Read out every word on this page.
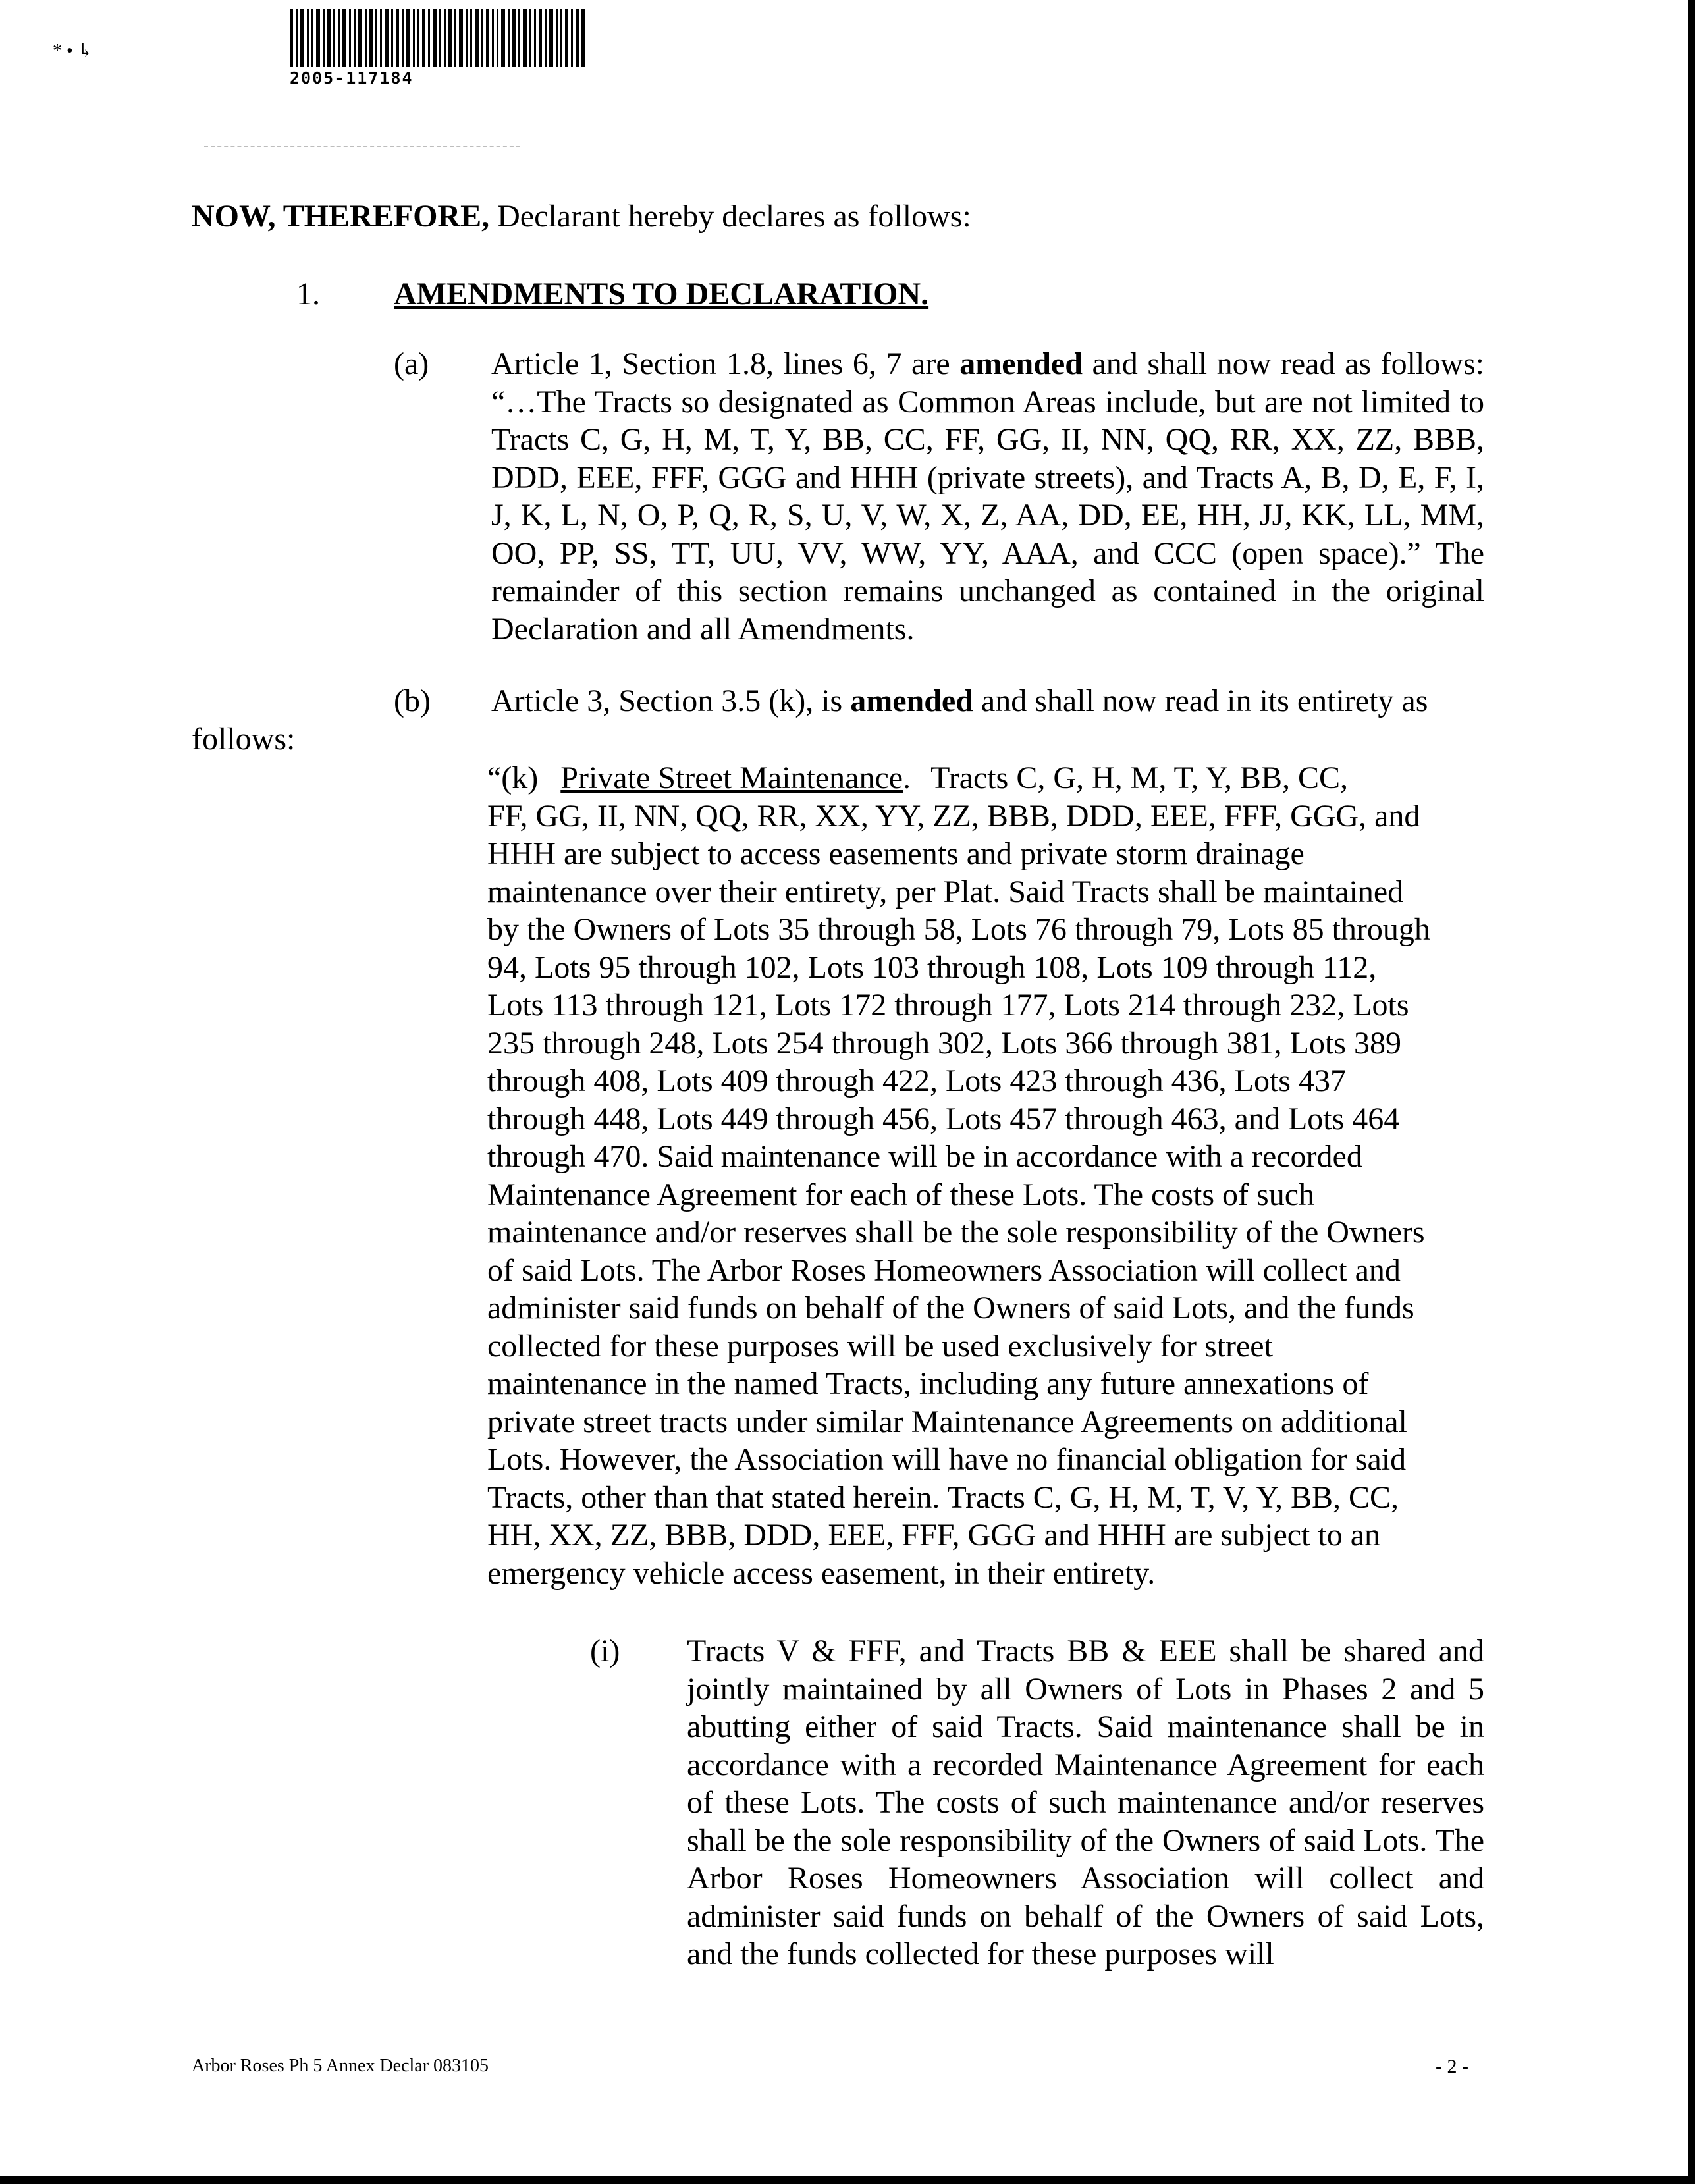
* • ↳
2005-117184
NOW, THEREFORE, Declarant hereby declares as follows:
1. AMENDMENTS TO DECLARATION.
(a) Article 1, Section 1.8, lines 6, 7 are amended and shall now read as follows: “…The Tracts so designated as Common Areas include, but are not limited to Tracts C, G, H, M, T, Y, BB, CC, FF, GG, II, NN, QQ, RR, XX, ZZ, BBB, DDD, EEE, FFF, GGG and HHH (private streets), and Tracts A, B, D, E, F, I, J, K, L, N, O, P, Q, R, S, U, V, W, X, Z, AA, DD, EE, HH, JJ, KK, LL, MM, OO, PP, SS, TT, UU, VV, WW, YY, AAA, and CCC (open space).” The remainder of this section remains unchanged as contained in the original Declaration and all Amendments.
(b) Article 3, Section 3.5 (k), is amended and shall now read in its entirety as
follows:
“(k) Private Street Maintenance. Tracts C, G, H, M, T, Y, BB, CC,
FF, GG, II, NN, QQ, RR, XX, YY, ZZ, BBB, DDD, EEE, FFF, GGG, and
HHH are subject to access easements and private storm drainage
maintenance over their entirety, per Plat. Said Tracts shall be maintained
by the Owners of Lots 35 through 58, Lots 76 through 79, Lots 85 through
94, Lots 95 through 102, Lots 103 through 108, Lots 109 through 112,
Lots 113 through 121, Lots 172 through 177, Lots 214 through 232, Lots
235 through 248, Lots 254 through 302, Lots 366 through 381, Lots 389
through 408, Lots 409 through 422, Lots 423 through 436, Lots 437
through 448, Lots 449 through 456, Lots 457 through 463, and Lots 464
through 470. Said maintenance will be in accordance with a recorded
Maintenance Agreement for each of these Lots. The costs of such
maintenance and/or reserves shall be the sole responsibility of the Owners
of said Lots. The Arbor Roses Homeowners Association will collect and
administer said funds on behalf of the Owners of said Lots, and the funds
collected for these purposes will be used exclusively for street
maintenance in the named Tracts, including any future annexations of
private street tracts under similar Maintenance Agreements on additional
Lots. However, the Association will have no financial obligation for said
Tracts, other than that stated herein. Tracts C, G, H, M, T, V, Y, BB, CC,
HH, XX, ZZ, BBB, DDD, EEE, FFF, GGG and HHH are subject to an
emergency vehicle access easement, in their entirety.
(i) Tracts V & FFF, and Tracts BB & EEE shall be shared and jointly maintained by all Owners of Lots in Phases 2 and 5 abutting either of said Tracts. Said maintenance shall be in accordance with a recorded Maintenance Agreement for each of these Lots. The costs of such maintenance and/or reserves shall be the sole responsibility of the Owners of said Lots. The Arbor Roses Homeowners Association will collect and administer said funds on behalf of the Owners of said Lots, and the funds collected for these purposes will
Arbor Roses Ph 5 Annex Declar 083105	- 2 -
